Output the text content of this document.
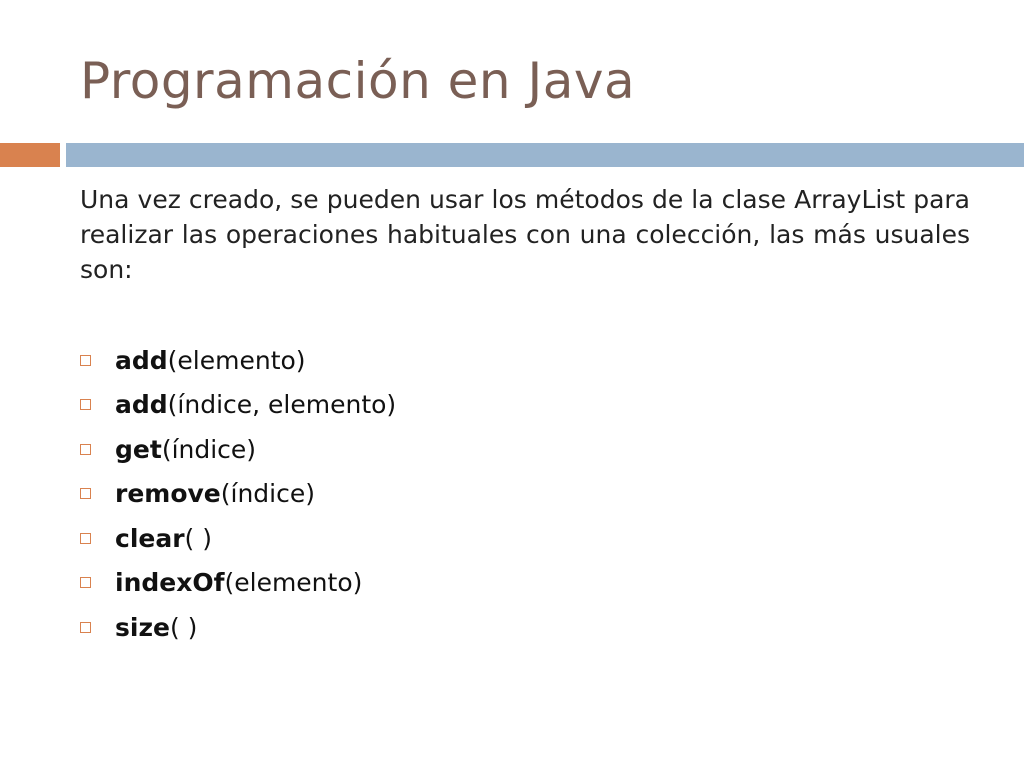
Programación en Java
Una vez creado, se pueden usar los métodos de la clase ArrayList para realizar las operaciones habituales con una colección, las más usuales son:
add(elemento)
add(índice, elemento)
get(índice)
remove(índice)
clear( )
indexOf(elemento)
size( )
